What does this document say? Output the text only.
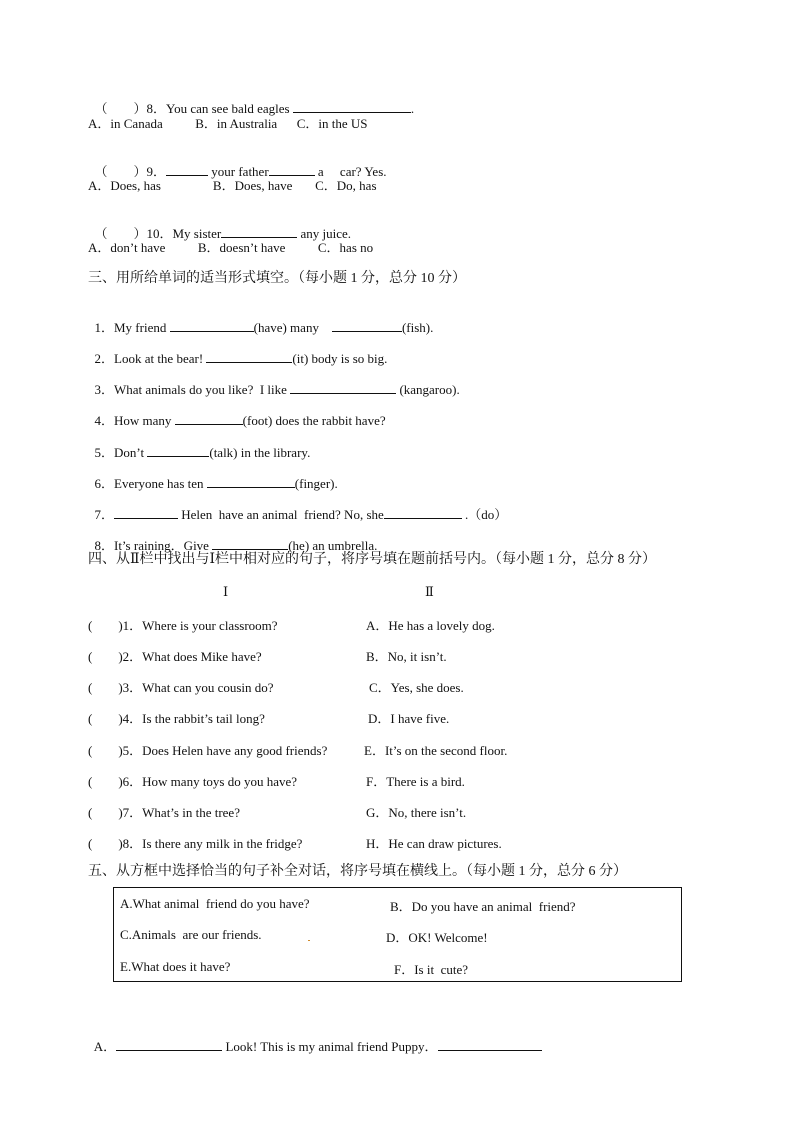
（        ）8．You can see bald eagles	.

A．in Canada          B．in Australia      C．in the US

（        ）9．	your father	a     car? Yes.

A．Does, has                B．Does, have       C．Do, has

（        ）10．My sister	any juice.

A．don’t have          B．doesn’t have          C．has no
三、用所给单词的适当形式填空。（每小题 1 分，总分 10 分）

1．My friend	(have) many	(fish).

2．Look at the bear!	(it) body is so big.

3．What animals do you like?  I like	(kangaroo).

4．How many	(foot) does the rabbit have?

5．Don’t	(talk) in the library.

6．Everyone has ten	(finger).

7．	Helen  have an animal  friend? No, she	.（do）

8．It’s raining．Give	(he) an umbrella.

四、从Ⅱ栏中找出与Ⅰ栏中相对应的句子，将序号填在题前括号内。（每小题 1 分，总分 8 分）
Ⅰ	Ⅱ
(        )1．Where is your classroom?	A．He has a lovely dog.
(        )2．What does Mike have?	B．No, it isn’t.
(        )3．What can you cousin do?	C．Yes, she does.
(        )4．Is the rabbit’s tail long?	D．I have five.
(        )5．Does Helen have any good friends?	E．It’s on the second floor.
(        )6．How many toys do you have?	F．There is a bird.
(        )7．What’s in the tree?	G．No, there isn’t.
(        )8．Is there any milk in the fridge?	H．He can draw pictures.
五、从方框中选择恰当的句子补全对话，将序号填在横线上。（每小题 1 分，总分 6 分）
A.What animal  friend do you have?	B．Do you have an animal  friend?
C.Animals  are our friends.	D．OK! Welcome!
E.What does it have?	F．Is it  cute?

A．	Look! This is my animal friend Puppy．
